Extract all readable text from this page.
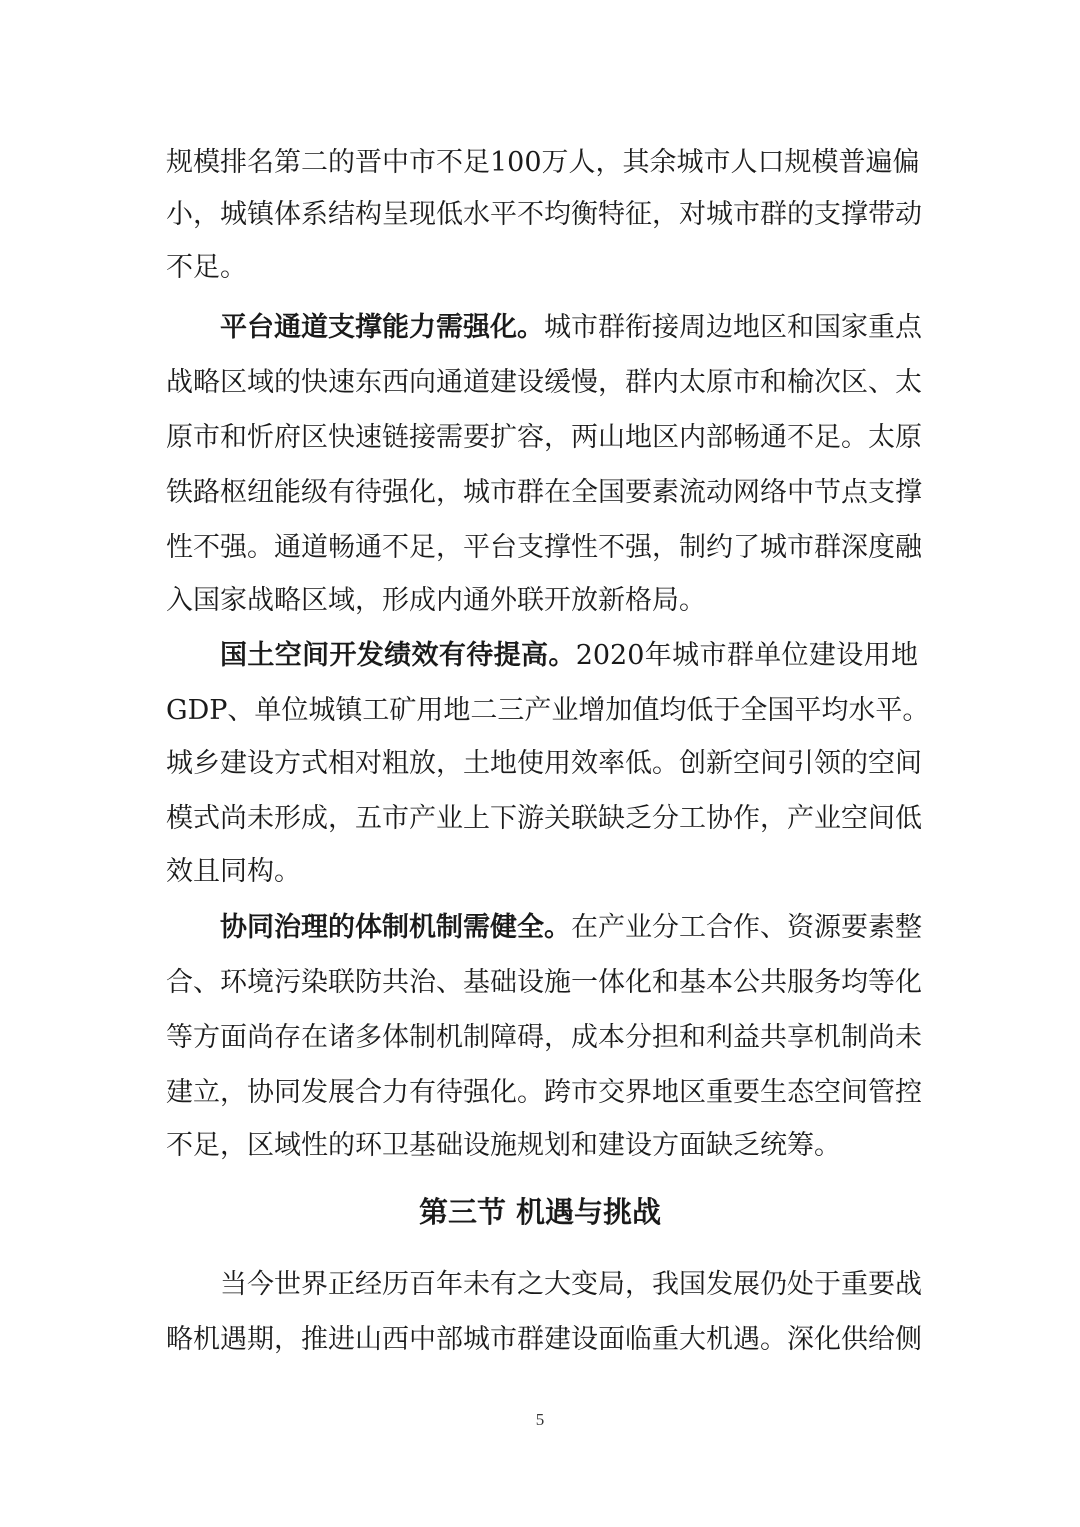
规模排名第二的晋中市不足100万人，其余城市人口规模普遍偏
小，城镇体系结构呈现低水平不均衡特征，对城市群的支撑带动
不足。
平台通道支撑能力需强化。城市群衔接周边地区和国家重点
战略区域的快速东西向通道建设缓慢，群内太原市和榆次区、太
原市和忻府区快速链接需要扩容，两山地区内部畅通不足。太原
铁路枢纽能级有待强化，城市群在全国要素流动网络中节点支撑
性不强。通道畅通不足，平台支撑性不强，制约了城市群深度融
入国家战略区域，形成内通外联开放新格局。
国土空间开发绩效有待提高。2020年城市群单位建设用地
GDP、单位城镇工矿用地二三产业增加值均低于全国平均水平。
城乡建设方式相对粗放，土地使用效率低。创新空间引领的空间
模式尚未形成，五市产业上下游关联缺乏分工协作，产业空间低
效且同构。
协同治理的体制机制需健全。在产业分工合作、资源要素整
合、环境污染联防共治、基础设施一体化和基本公共服务均等化
等方面尚存在诸多体制机制障碍，成本分担和利益共享机制尚未
建立，协同发展合力有待强化。跨市交界地区重要生态空间管控
不足，区域性的环卫基础设施规划和建设方面缺乏统筹。
第三节 机遇与挑战
当今世界正经历百年未有之大变局，我国发展仍处于重要战
略机遇期，推进山西中部城市群建设面临重大机遇。深化供给侧
5
